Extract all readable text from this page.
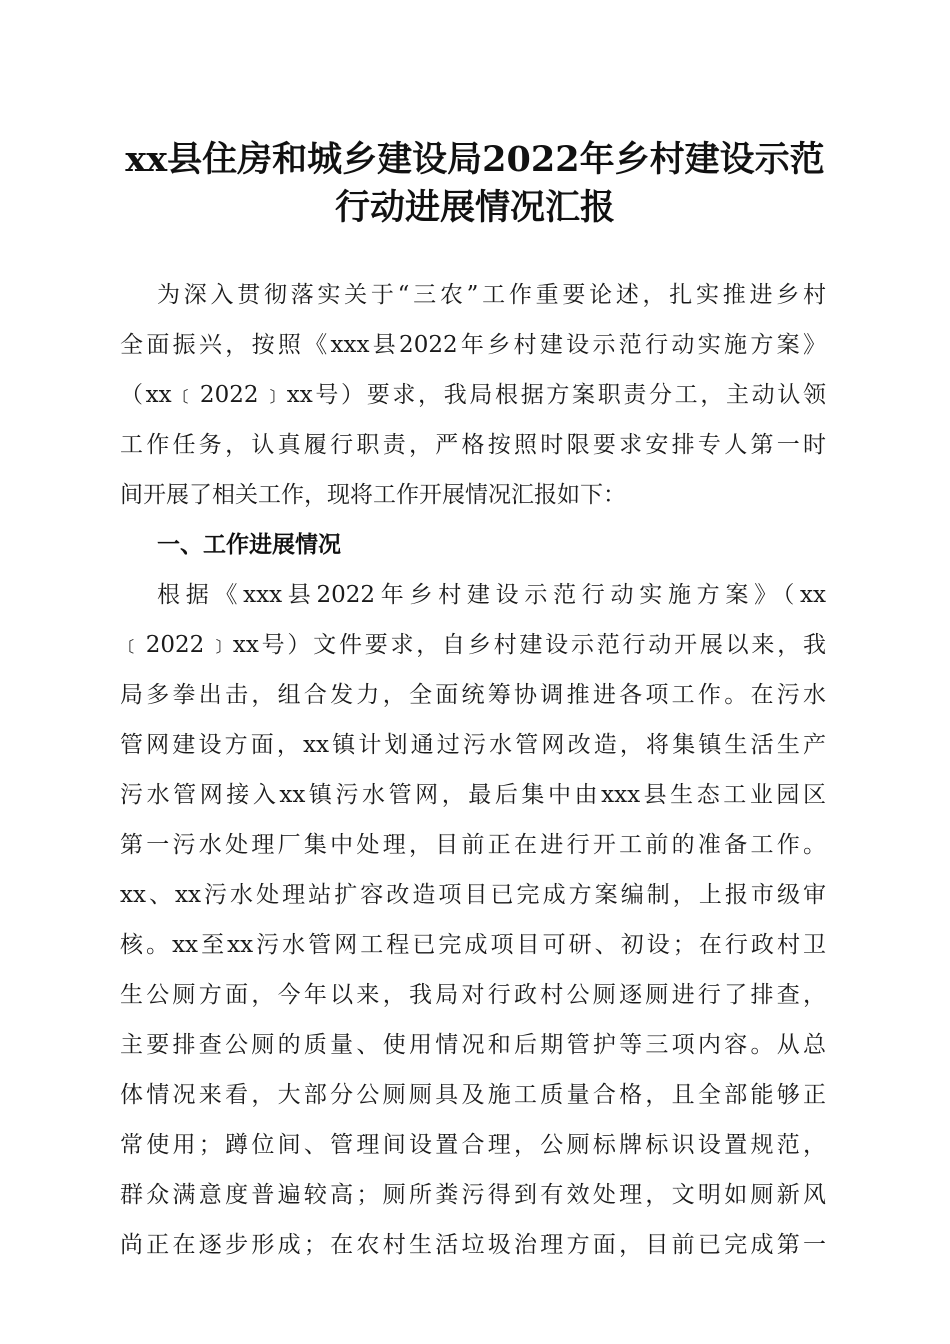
xx县住房和城乡建设局2022年乡村建设示范
行动进展情况汇报
为深入贯彻落实关于“三农”工作重要论述，扎实推进乡村
全面振兴，按照《xxx县2022年乡村建设示范行动实施方案》
（xx﹝2022﹞xx号）要求，我局根据方案职责分工，主动认领
工作任务，认真履行职责，严格按照时限要求安排专人第一时
间开展了相关工作，现将工作开展情况汇报如下：
一、工作进展情况
根据《xxx县2022年乡村建设示范行动实施方案》（xx
﹝2022﹞xx号）文件要求，自乡村建设示范行动开展以来，我
局多拳出击，组合发力，全面统筹协调推进各项工作。在污水
管网建设方面，xx镇计划通过污水管网改造，将集镇生活生产
污水管网接入xx镇污水管网，最后集中由xxx县生态工业园区
第一污水处理厂集中处理，目前正在进行开工前的准备工作。
xx、xx污水处理站扩容改造项目已完成方案编制，上报市级审
核。xx至xx污水管网工程已完成项目可研、初设；在行政村卫
生公厕方面，今年以来，我局对行政村公厕逐厕进行了排查，
主要排查公厕的质量、使用情况和后期管护等三项内容。从总
体情况来看，大部分公厕厕具及施工质量合格，且全部能够正
常使用；蹲位间、管理间设置合理，公厕标牌标识设置规范，
群众满意度普遍较高；厕所粪污得到有效处理，文明如厕新风
尚正在逐步形成；在农村生活垃圾治理方面，目前已完成第一
